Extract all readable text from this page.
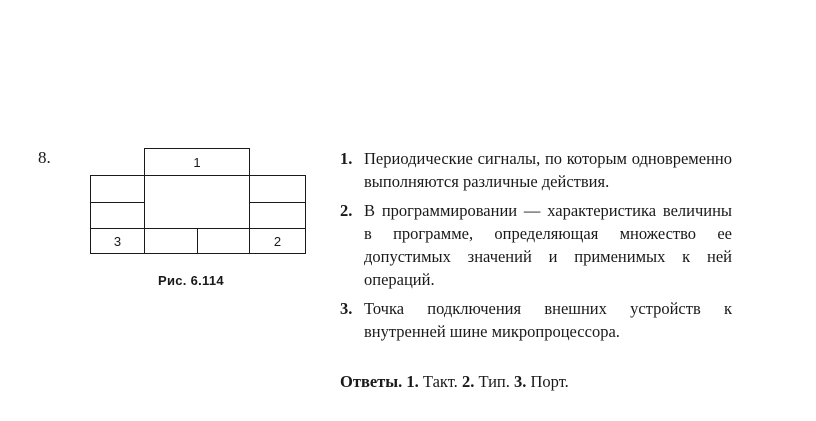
8.	1
3	2
Рис. 6.114
1. Периодические сигналы, по которым одновременно выполняются различные действия.
2. В программировании — характеристика величины в программе, определяющая множество ее допустимых значений и применимых к ней операций.
3. Точка подключения внешних устройств к внутренней шине микропроцессора.
Ответы. 1. Такт. 2. Тип. 3. Порт.
